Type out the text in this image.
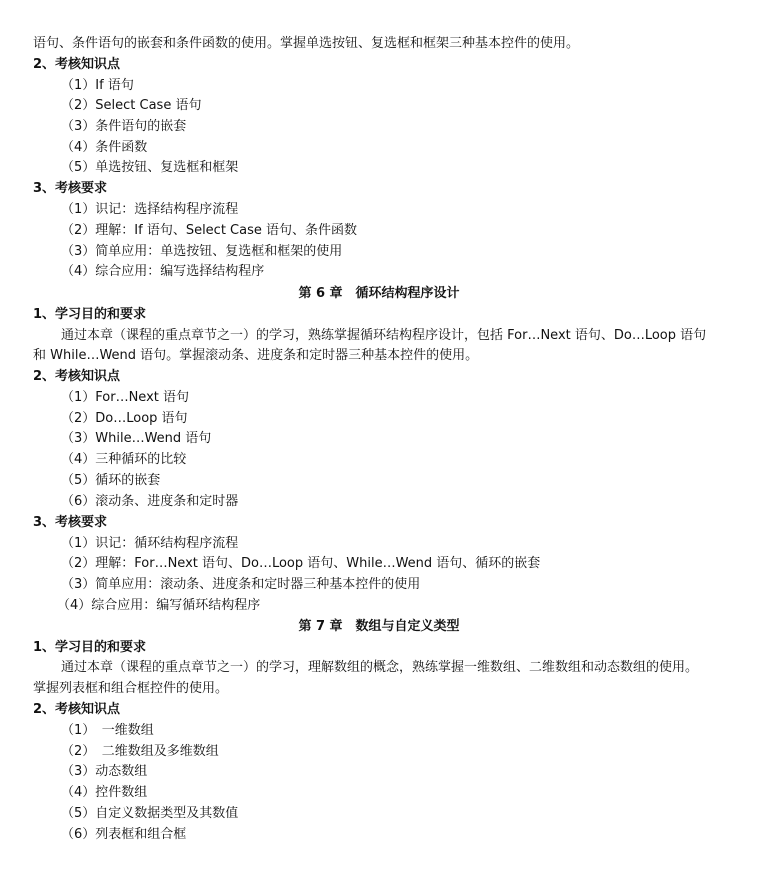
语句、条件语句的嵌套和条件函数的使用。掌握单选按钮、复选框和框架三种基本控件的使用。
2、考核知识点
（1）If 语句
（2）Select Case 语句
（3）条件语句的嵌套
（4）条件函数
（5）单选按钮、复选框和框架
3、考核要求
（1）识记：选择结构程序流程
（2）理解：If 语句、Select Case 语句、条件函数
（3）简单应用：单选按钮、复选框和框架的使用
（4）综合应用：编写选择结构程序
第 6 章　循环结构程序设计
1、学习目的和要求
通过本章（课程的重点章节之一）的学习，熟练掌握循环结构程序设计，包括 For…Next 语句、Do…Loop 语句
和 While…Wend 语句。掌握滚动条、进度条和定时器三种基本控件的使用。
2、考核知识点
（1）For…Next 语句
（2）Do…Loop 语句
（3）While…Wend 语句
（4）三种循环的比较
（5）循环的嵌套
（6）滚动条、进度条和定时器
3、考核要求
（1）识记：循环结构程序流程
（2）理解：For…Next 语句、Do…Loop 语句、While…Wend 语句、循环的嵌套
（3）简单应用：滚动条、进度条和定时器三种基本控件的使用
（4）综合应用：编写循环结构程序
第 7 章　数组与自定义类型
1、学习目的和要求
通过本章（课程的重点章节之一）的学习，理解数组的概念，熟练掌握一维数组、二维数组和动态数组的使用。
掌握列表框和组合框控件的使用。
2、考核知识点
（1）　一维数组
（2）　二维数组及多维数组
（3）动态数组
（4）控件数组
（5）自定义数据类型及其数值
（6）列表框和组合框
